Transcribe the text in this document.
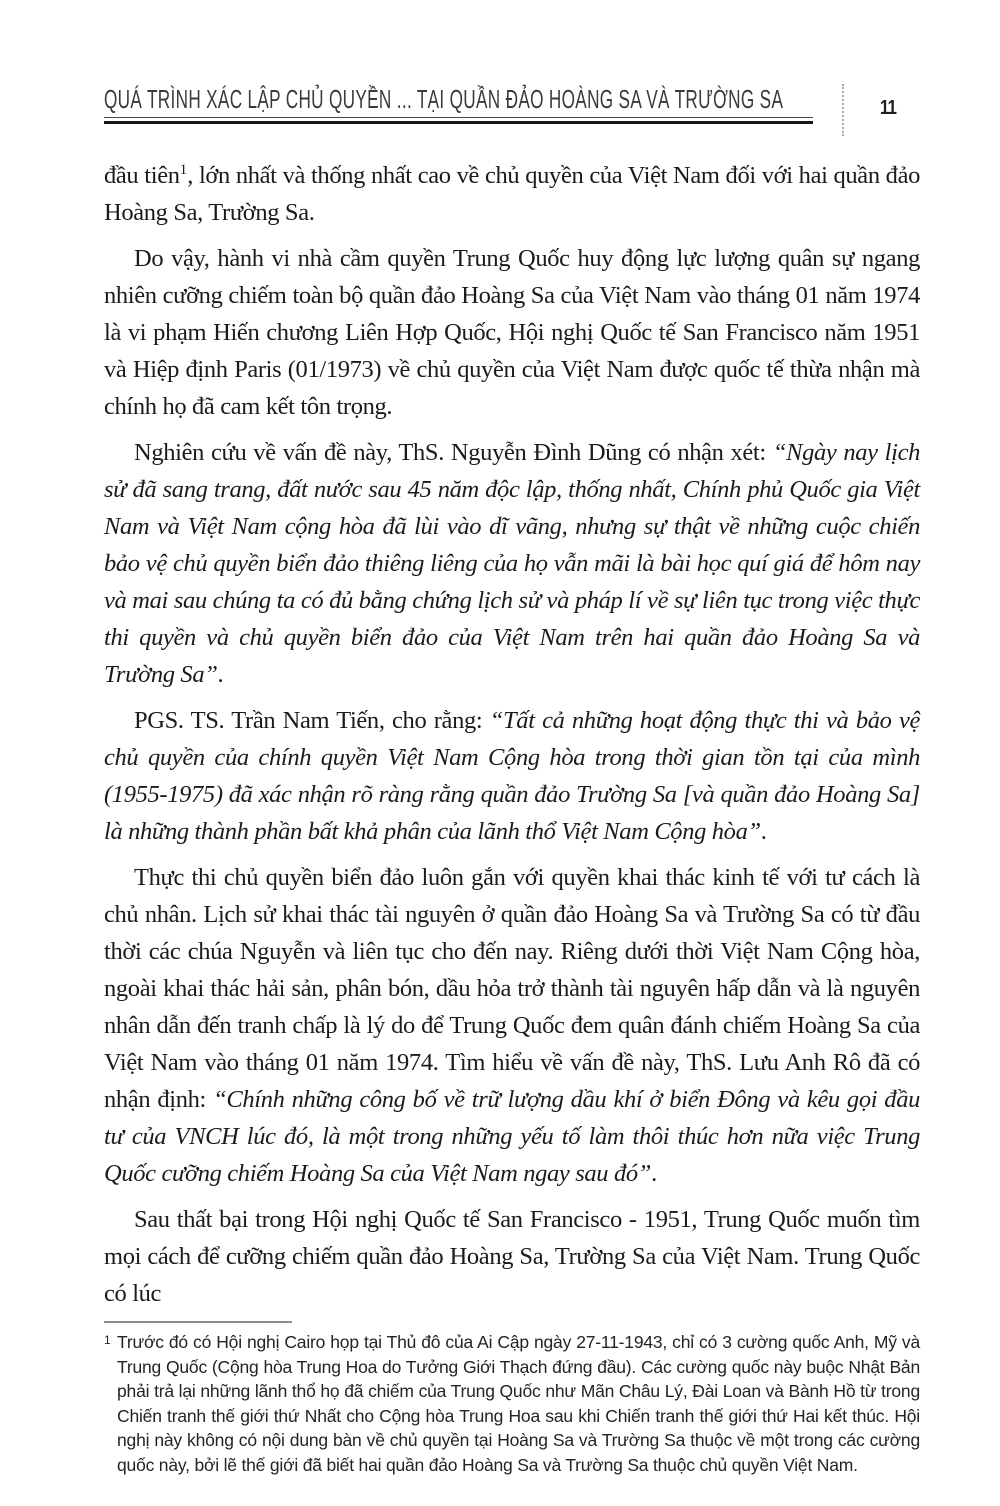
QUÁ TRÌNH XÁC LẬP CHỦ QUYỀN ... TẠI QUẦN ĐẢO HOÀNG SA VÀ TRƯỜNG SA	11

đầu tiên$^1$, lớn nhất và thống nhất cao về chủ quyền của Việt Nam đối với hai quần đảo Hoàng Sa, Trường Sa.

Do vậy, hành vi nhà cầm quyền Trung Quốc huy động lực lượng quân sự ngang nhiên cưỡng chiếm toàn bộ quần đảo Hoàng Sa của Việt Nam vào tháng 01 năm 1974 là vi phạm Hiến chương Liên Hợp Quốc, Hội nghị Quốc tế San Francisco năm 1951 và Hiệp định Paris (01/1973) về chủ quyền của Việt Nam được quốc tế thừa nhận mà chính họ đã cam kết tôn trọng.

Nghiên cứu về vấn đề này, ThS. Nguyễn Đình Dũng có nhận xét: “Ngày nay lịch sử đã sang trang, đất nước sau 45 năm độc lập, thống nhất, Chính phủ Quốc gia Việt Nam và Việt Nam cộng hòa đã lùi vào dĩ vãng, nhưng sự thật về những cuộc chiến bảo vệ chủ quyền biển đảo thiêng liêng của họ vẫn mãi là bài học quí giá để hôm nay và mai sau chúng ta có đủ bằng chứng lịch sử và pháp lí về sự liên tục trong việc thực thi quyền và chủ quyền biển đảo của Việt Nam trên hai quần đảo Hoàng Sa và Trường Sa”.

PGS. TS. Trần Nam Tiến, cho rằng: “Tất cả những hoạt động thực thi và bảo vệ chủ quyền của chính quyền Việt Nam Cộng hòa trong thời gian tồn tại của mình (1955-1975) đã xác nhận rõ ràng rằng quần đảo Trường Sa [và quần đảo Hoàng Sa] là những thành phần bất khả phân của lãnh thổ Việt Nam Cộng hòa”.

Thực thi chủ quyền biển đảo luôn gắn với quyền khai thác kinh tế với tư cách là chủ nhân. Lịch sử khai thác tài nguyên ở quần đảo Hoàng Sa và Trường Sa có từ đầu thời các chúa Nguyễn và liên tục cho đến nay. Riêng dưới thời Việt Nam Cộng hòa, ngoài khai thác hải sản, phân bón, dầu hỏa trở thành tài nguyên hấp dẫn và là nguyên nhân dẫn đến tranh chấp là lý do để Trung Quốc đem quân đánh chiếm Hoàng Sa của Việt Nam vào tháng 01 năm 1974. Tìm hiểu về vấn đề này, ThS. Lưu Anh Rô đã có nhận định: “Chính những công bố về trữ lượng dầu khí ở biển Đông và kêu gọi đầu tư của VNCH lúc đó, là một trong những yếu tố làm thôi thúc hơn nữa việc Trung Quốc cưỡng chiếm Hoàng Sa của Việt Nam ngay sau đó”.

Sau thất bại trong Hội nghị Quốc tế San Francisco - 1951, Trung Quốc muốn tìm mọi cách để cưỡng chiếm quần đảo Hoàng Sa, Trường Sa của Việt Nam. Trung Quốc có lúc

1 Trước đó có Hội nghị Cairo họp tại Thủ đô của Ai Cập ngày 27-11-1943, chỉ có 3 cường quốc Anh, Mỹ và Trung Quốc (Cộng hòa Trung Hoa do Tưởng Giới Thạch đứng đầu). Các cường quốc này buộc Nhật Bản phải trả lại những lãnh thổ họ đã chiếm của Trung Quốc như Mãn Châu Lý, Đài Loan và Bành Hồ từ trong Chiến tranh thế giới thứ Nhất cho Cộng hòa Trung Hoa sau khi Chiến tranh thế giới thứ Hai kết thúc. Hội nghị này không có nội dung bàn về chủ quyền tại Hoàng Sa và Trường Sa thuộc về một trong các cường quốc này, bởi lẽ thế giới đã biết hai quần đảo Hoàng Sa và Trường Sa thuộc chủ quyền Việt Nam.
